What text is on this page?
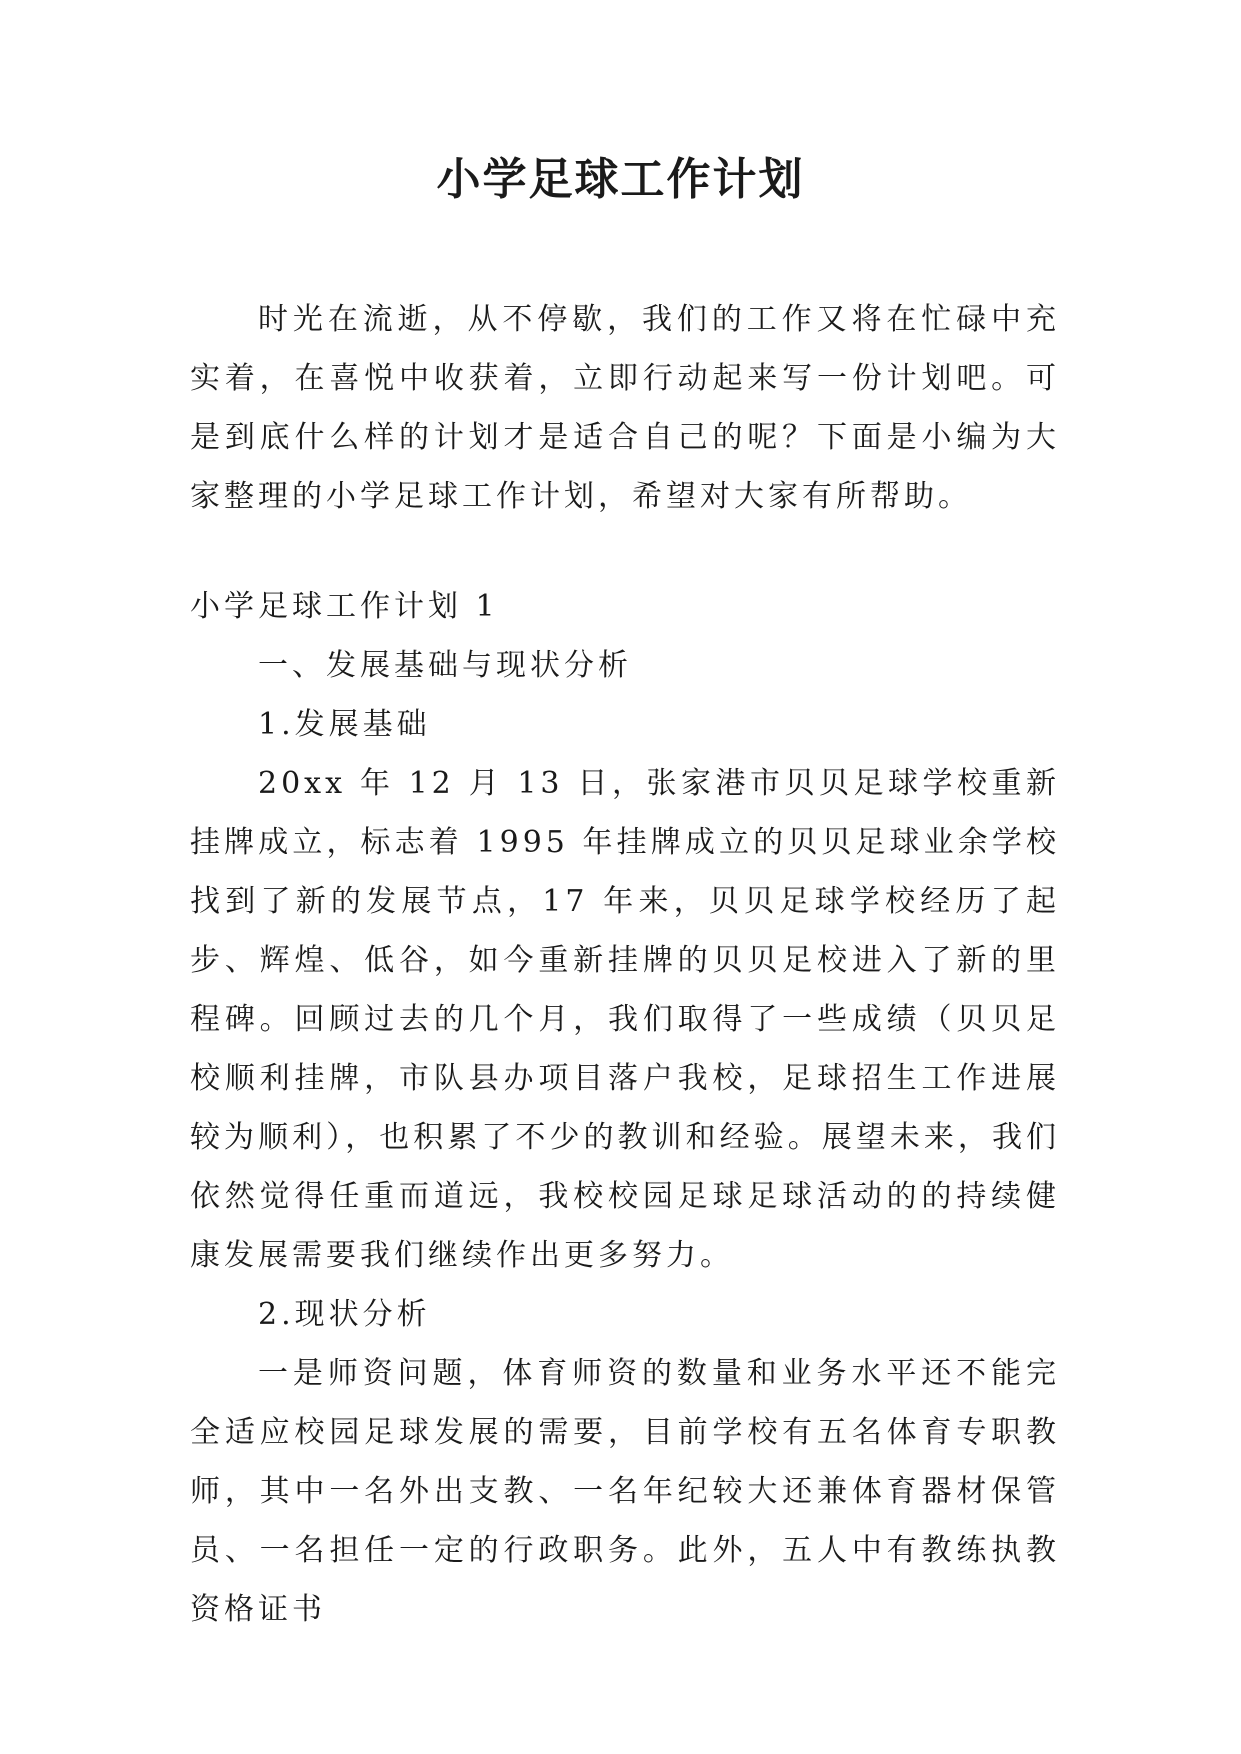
小学足球工作计划

时光在流逝，从不停歇，我们的工作又将在忙碌中充实着，在喜悦中收获着，立即行动起来写一份计划吧。可是到底什么样的计划才是适合自己的呢？下面是小编为大家整理的小学足球工作计划，希望对大家有所帮助。

小学足球工作计划 1

一、发展基础与现状分析

1.发展基础

20xx 年 12 月 13 日，张家港市贝贝足球学校重新挂牌成立，标志着 1995 年挂牌成立的贝贝足球业余学校找到了新的发展节点，17 年来，贝贝足球学校经历了起步、辉煌、低谷，如今重新挂牌的贝贝足校进入了新的里程碑。回顾过去的几个月，我们取得了一些成绩（贝贝足校顺利挂牌，市队县办项目落户我校，足球招生工作进展较为顺利），也积累了不少的教训和经验。展望未来，我们依然觉得任重而道远，我校校园足球足球活动的的持续健康发展需要我们继续作出更多努力。

2.现状分析

一是师资问题，体育师资的数量和业务水平还不能完全适应校园足球发展的需要，目前学校有五名体育专职教师，其中一名外出支教、一名年纪较大还兼体育器材保管员、一名担任一定的行政职务。此外，五人中有教练执教资格证书
